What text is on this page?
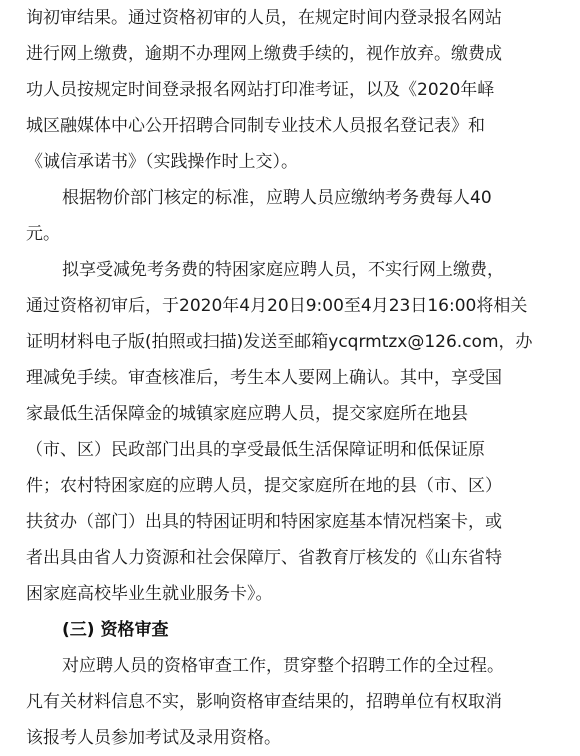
询初审结果。通过资格初审的人员，在规定时间内登录报名网站
进行网上缴费，逾期不办理网上缴费手续的，视作放弃。缴费成
功人员按规定时间登录报名网站打印准考证，以及《2020年峄
城区融媒体中心公开招聘合同制专业技术人员报名登记表》和
《诚信承诺书》（实践操作时上交）。
根据物价部门核定的标准，应聘人员应缴纳考务费每人40
元。
拟享受减免考务费的特困家庭应聘人员，不实行网上缴费，
通过资格初审后，于2020年4月20日9:00至4月23日16:00将相关
证明材料电子版(拍照或扫描)发送至邮箱ycqrmtzx@126.com，办
理减免手续。审查核准后，考生本人要网上确认。其中，享受国
家最低生活保障金的城镇家庭应聘人员，提交家庭所在地县
（市、区）民政部门出具的享受最低生活保障证明和低保证原
件；农村特困家庭的应聘人员，提交家庭所在地的县（市、区）
扶贫办（部门）出具的特困证明和特困家庭基本情况档案卡，或
者出具由省人力资源和社会保障厅、省教育厅核发的《山东省特
困家庭高校毕业生就业服务卡》。
(三) 资格审查
对应聘人员的资格审查工作，贯穿整个招聘工作的全过程。
凡有关材料信息不实，影响资格审查结果的，招聘单位有权取消
该报考人员参加考试及录用资格。
